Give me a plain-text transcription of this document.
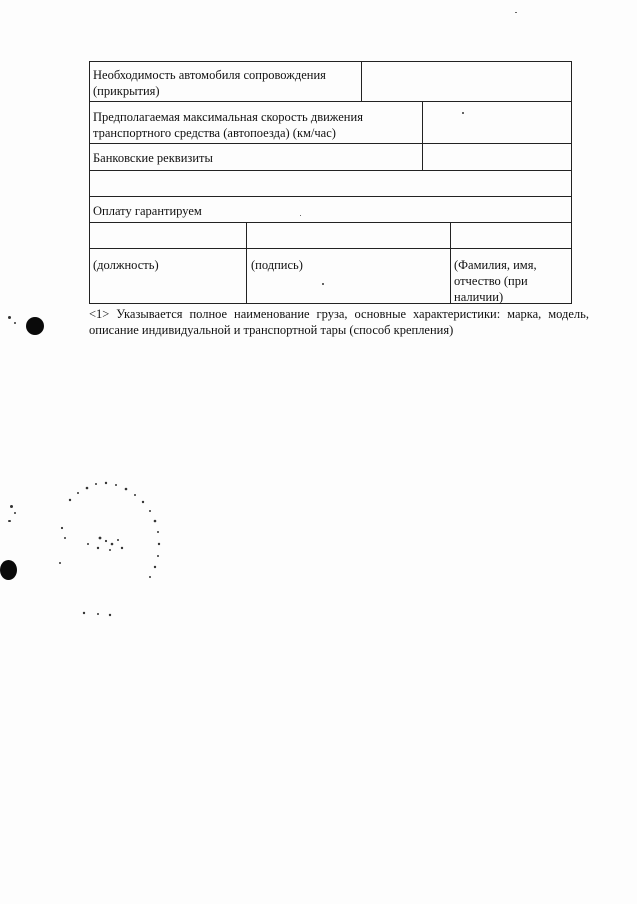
Необходимость автомобиля сопровождения (прикрытия)
Предполагаемая максимальная скорость движения транспортного средства (автопоезда) (км/час)
Банковские реквизиты
Оплату гарантируем
(должность)	(подпись)	(Фамилия, имя, отчество (при наличии)
<1> Указывается полное наименование груза, основные характеристики: марка, модель, описание индивидуальной и транспортной тары (способ крепления)
